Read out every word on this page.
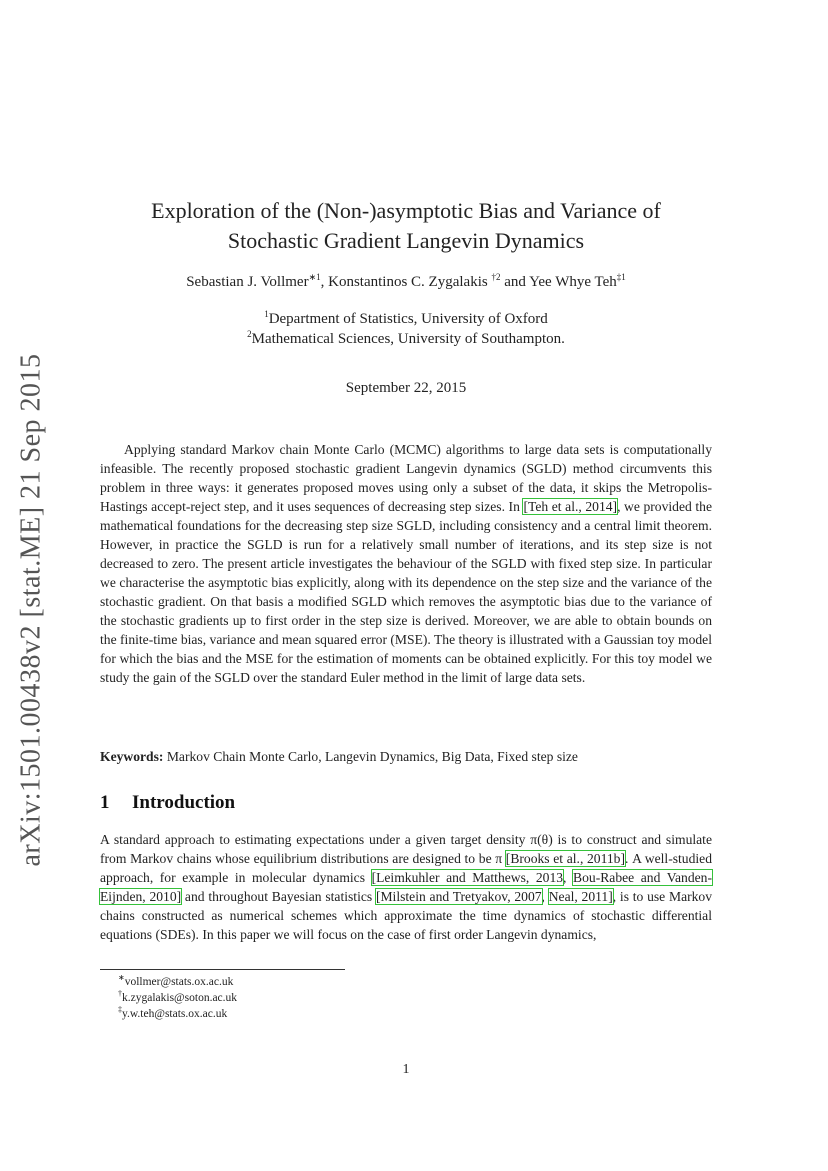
arXiv:1501.00438v2 [stat.ME] 21 Sep 2015
Exploration of the (Non-)asymptotic Bias and Variance of
Stochastic Gradient Langevin Dynamics
Sebastian J. Vollmer$^{∗1}$, Konstantinos C. Zygalakis $^{\dagger 2}$ and Yee Whye Teh$^{\ddagger 1}$
$^1$Department of Statistics, University of Oxford
$^2$Mathematical Sciences, University of Southampton.
September 22, 2015

Applying standard Markov chain Monte Carlo (MCMC) algorithms to large data sets is computationally infeasible. The recently proposed stochastic gradient Langevin dynamics (SGLD) method circumvents this problem in three ways: it generates proposed moves using only a subset of the data, it skips the Metropolis-Hastings accept-reject step, and it uses sequences of decreasing step sizes. In [Teh et al., 2014], we provided the mathematical foundations for the decreasing step size SGLD, including consistency and a central limit theorem. However, in practice the SGLD is run for a relatively small number of iterations, and its step size is not decreased to zero. The present article investigates the behaviour of the SGLD with fixed step size. In particular we characterise the asymptotic bias explicitly, along with its dependence on the step size and the variance of the stochastic gradient. On that basis a modified SGLD which removes the asymptotic bias due to the variance of the stochastic gradients up to first order in the step size is derived. Moreover, we are able to obtain bounds on the finite-time bias, variance and mean squared error (MSE). The theory is illustrated with a Gaussian toy model for which the bias and the MSE for the estimation of moments can be obtained explicitly. For this toy model we study the gain of the SGLD over the standard Euler method in the limit of large data sets.

Keywords: Markov Chain Monte Carlo, Langevin Dynamics, Big Data, Fixed step size
1 Introduction

A standard approach to estimating expectations under a given target density π(θ) is to construct and simulate from Markov chains whose equilibrium distributions are designed to be π [Brooks et al., 2011b]. A well-studied approach, for example in molecular dynamics [Leimkuhler and Matthews, 2013, Bou-Rabee and Vanden-Eijnden, 2010] and throughout Bayesian statistics [Milstein and Tretyakov, 2007, Neal, 2011], is to use Markov chains constructed as numerical schemes which approximate the time dynamics of stochastic differential equations (SDEs). In this paper we will focus on the case of first order Langevin dynamics,

∗vollmer@stats.ox.ac.uk
†k.zygalakis@soton.ac.uk
‡y.w.teh@stats.ox.ac.uk
1
